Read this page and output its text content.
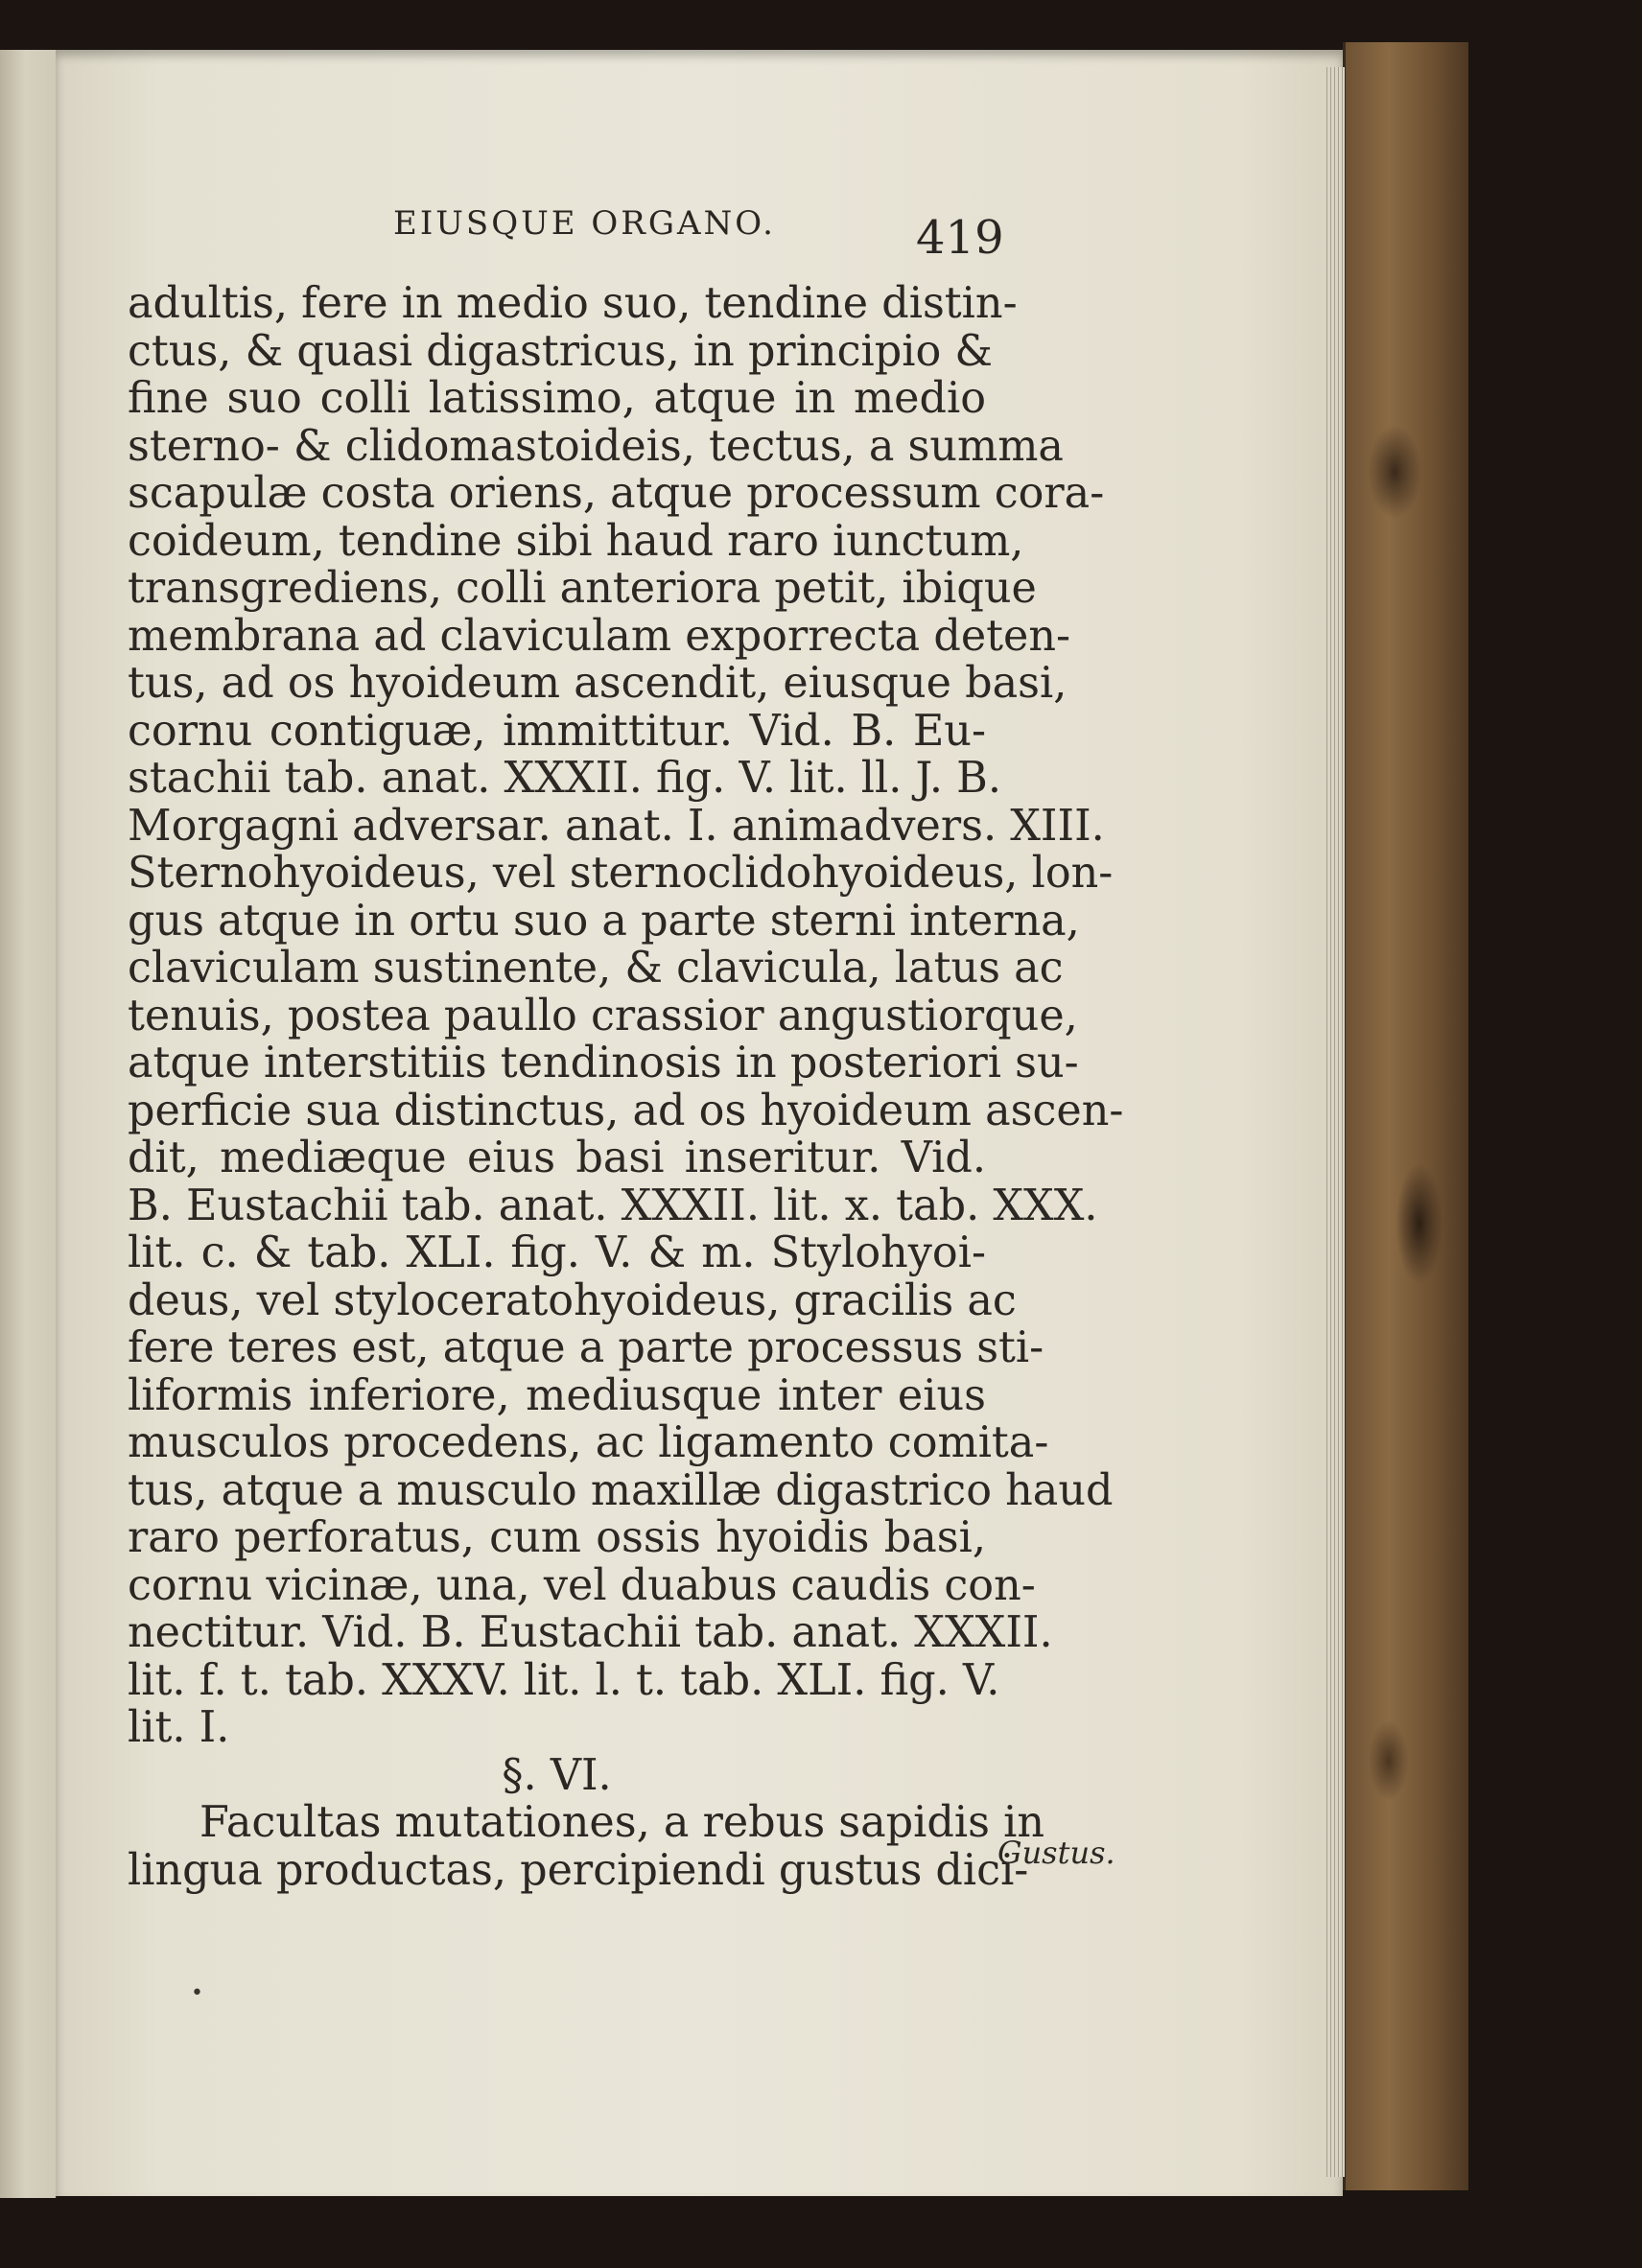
EIUSQUE ORGANO.	419
adultis, fere in medio suo, tendine distin-
ctus, & quasi digastricus, in principio &
fine suo colli latissimo, atque in medio
sterno- & clidomastoideis, tectus, a summa
scapulæ costa oriens, atque processum cora-
coideum, tendine sibi haud raro iunctum,
transgrediens, colli anteriora petit, ibique
membrana ad claviculam exporrecta deten-
tus, ad os hyoideum ascendit, eiusque basi,
cornu contiguæ, immittitur. Vid. B. Eu-
stachii tab. anat. XXXII. fig. V. lit. ll. J. B.
Morgagni adversar. anat. I. animadvers. XIII.
Sternohyoideus, vel sternoclidohyoideus, lon-
gus atque in ortu suo a parte sterni interna,
claviculam sustinente, & clavicula, latus ac
tenuis, postea paullo crassior angustiorque,
atque interstitiis tendinosis in posteriori su-
perficie sua distinctus, ad os hyoideum ascen-
dit, mediæque eius basi inseritur. Vid.
B. Eustachii tab. anat. XXXII. lit. x. tab. XXX.
lit. c. & tab. XLI. fig. V. & m. Stylohyoi-
deus, vel styloceratohyoideus, gracilis ac
fere teres est, atque a parte processus sti-
liformis inferiore, mediusque inter eius
musculos procedens, ac ligamento comita-
tus, atque a musculo maxillæ digastrico haud
raro perforatus, cum ossis hyoidis basi,
cornu vicinæ, una, vel duabus caudis con-
nectitur. Vid. B. Eustachii tab. anat. XXXII.
lit. f. t. tab. XXXV. lit. l. t. tab. XLI. fig. V.
lit. I.
§. VI.
Facultas mutationes, a rebus sapidis in
lingua productas, percipiendi gustus dici-
Gustus.
•
